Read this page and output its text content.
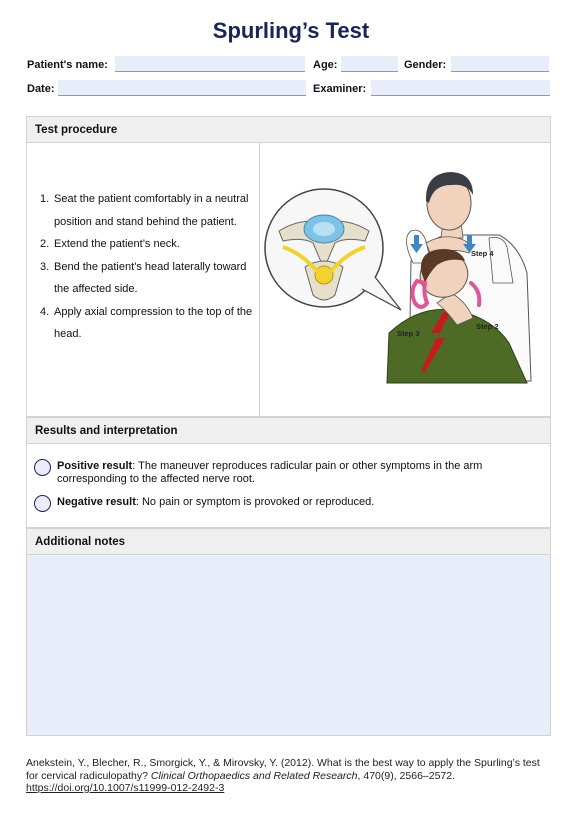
Spurling’s Test
Patient's name:	Age:	Gender:
Date:	Examiner:
Test procedure
1. Seat the patient comfortably in a neutral position and stand behind the patient.
2. Extend the patient’s neck.
3. Bend the patient’s head laterally toward the affected side.
4. Apply axial compression to the top of the head.
Step 4
Step 3
Step 2
Results and interpretation
Positive result: The maneuver reproduces radicular pain or other symptoms in the arm corresponding to the affected nerve root.
Negative result: No pain or symptom is provoked or reproduced.
Additional notes
Anekstein, Y., Blecher, R., Smorgick, Y., & Mirovsky, Y. (2012). What is the best way to apply the Spurling’s test for cervical radiculopathy? Clinical Orthopaedics and Related Research, 470(9), 2566–2572. https://doi.org/10.1007/s11999-012-2492-3
